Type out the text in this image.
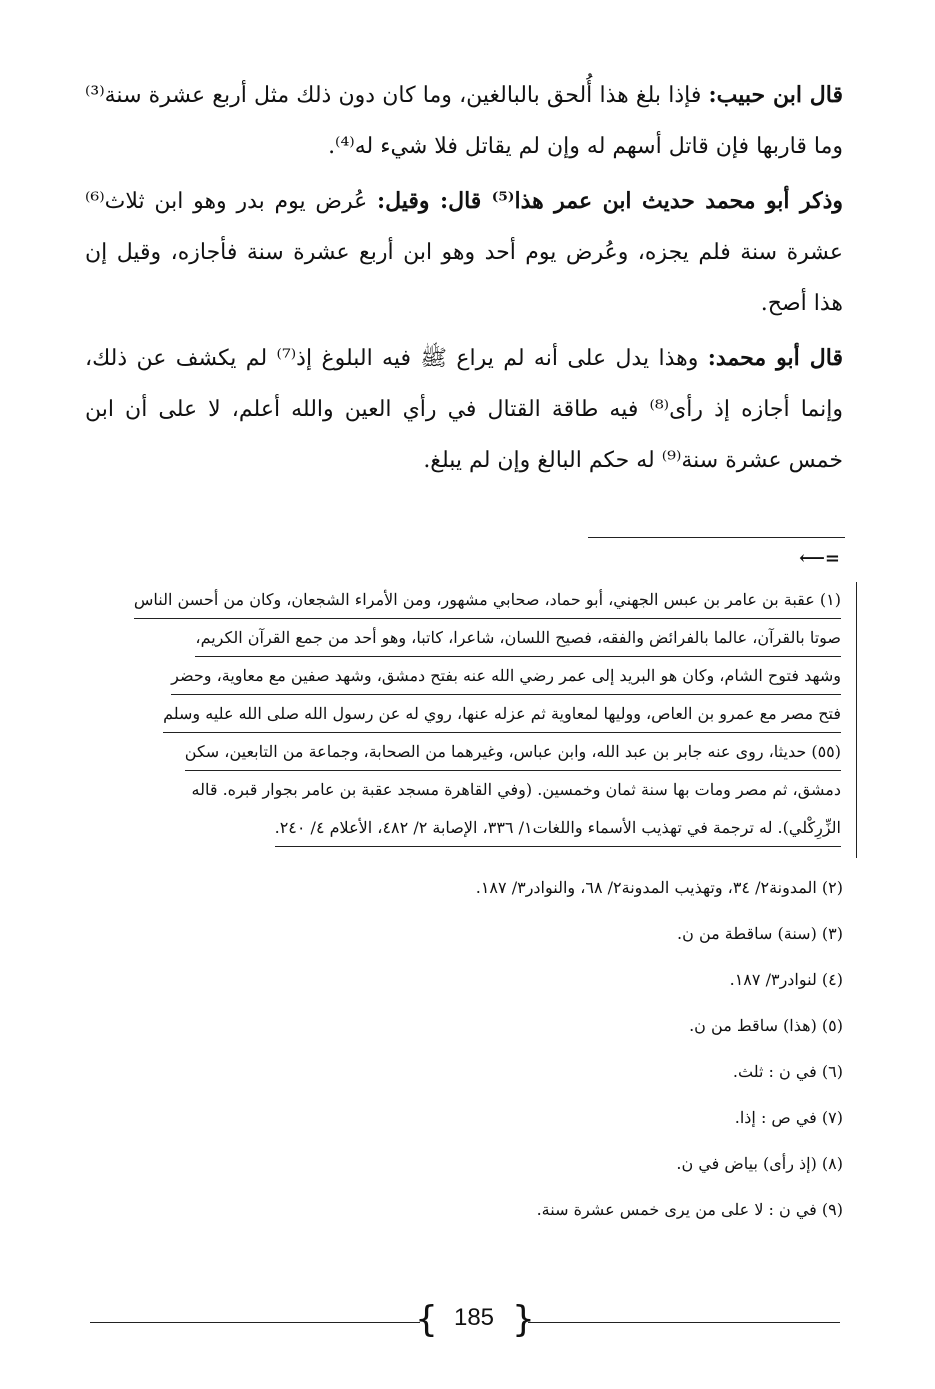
قال ابن حبيب: فإذا بلغ هذا أُلحق بالبالغين، وما كان دون ذلك مثل أربع عشرة سنة⁽³⁾ وما قاربها فإن قاتل أسهم له وإن لم يقاتل فلا شيء له⁽⁴⁾.

وذكر أبو محمد حديث ابن عمر هذا⁽⁵⁾ قال: وقيل: عُرض يوم بدر وهو ابن ثلاث⁽⁶⁾ عشرة سنة فلم يجزه، وعُرض يوم أحد وهو ابن أربع عشرة سنة فأجازه، وقيل إن هذا أصح.

قال أبو محمد: وهذا يدل على أنه لم يراع ﷺ فيه البلوغ إذ⁽⁷⁾ لم يكشف عن ذلك، وإنما أجازه إذ رأى⁽⁸⁾ فيه طاقة القتال في رأي العين والله أعلم، لا على أن ابن خمس عشرة سنة⁽⁹⁾ له حكم البالغ وإن لم يبلغ.

⟵=
(١) عقبة بن عامر بن عبس الجهني، أبو حماد، صحابي مشهور، ومن الأمراء الشجعان، وكان من أحسن الناس
صوتا بالقرآن، عالما بالفرائض والفقه، فصيح اللسان، شاعرا، كاتبا، وهو أحد من جمع القرآن الكريم،
وشهد فتوح الشام، وكان هو البريد إلى عمر رضي الله عنه بفتح دمشق، وشهد صفين مع معاوية، وحضر
فتح مصر مع عمرو بن العاص، ووليها لمعاوية ثم عزله عنها، روي له عن رسول الله صلى الله عليه وسلم
(٥٥) حديثا، روى عنه جابر بن عبد الله، وابن عباس، وغيرهما من الصحابة، وجماعة من التابعين، سكن
دمشق، ثم مصر ومات بها سنة ثمان وخمسين. (وفي القاهرة مسجد عقبة بن عامر بجوار قبره. قاله
الزِّرِكْلي). له ترجمة في تهذيب الأسماء واللغات١/ ٣٣٦، الإصابة ٢/ ٤٨٢، الأعلام ٤/ ٢٤٠.
(٢) المدونة٢/ ٣٤، وتهذيب المدونة٢/ ٦٨، والنوادر٣/ ١٨٧.
(٣) (سنة) ساقطة من ن.
(٤) لنوادر٣/ ١٨٧.
(٥) (هذا) ساقط من ن.
(٦) في ن : ثلث.
(٧) في ص : إذا.
(٨) (إذ رأى) بياض في ن.
(٩) في ن : لا على من يرى خمس عشرة سنة.
{ 185 }
